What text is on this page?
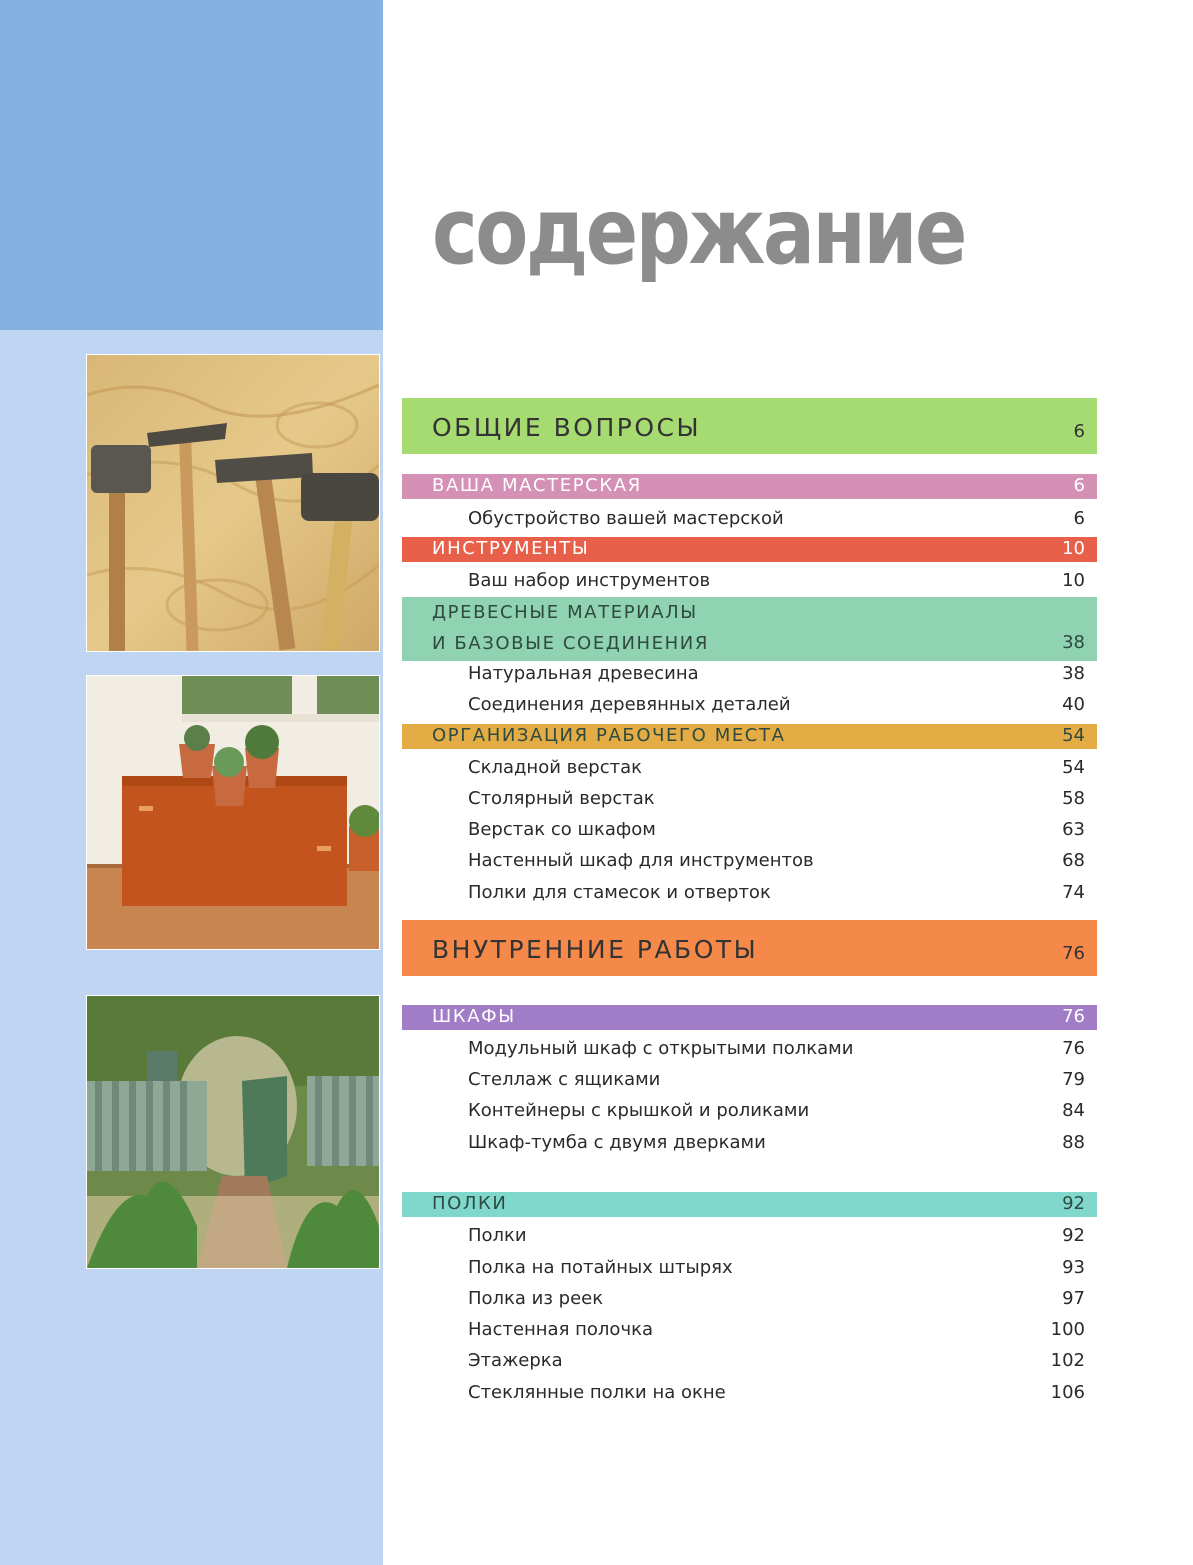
содержание
ОБЩИЕ ВОПРОСЫ	6
ВАША МАСТЕРСКАЯ	6
Обустройство вашей мастерской	6
ИНСТРУМЕНТЫ	10
Ваш набор инструментов	10
ДРЕВЕСНЫЕ МАТЕРИАЛЫ
И БАЗОВЫЕ СОЕДИНЕНИЯ	38
Натуральная древесина	38
Соединения деревянных деталей	40
ОРГАНИЗАЦИЯ РАБОЧЕГО МЕСТА	54
Складной верстак	54
Столярный верстак	58
Верстак со шкафом	63
Настенный шкаф для инструментов	68
Полки для стамесок и отверток	74
ВНУТРЕННИЕ РАБОТЫ	76
ШКАФЫ	76
Модульный шкаф с открытыми полками	76
Стеллаж с ящиками	79
Контейнеры с крышкой и роликами	84
Шкаф-тумба с двумя дверками	88
ПОЛКИ	92
Полки	92
Полка на потайных штырях	93
Полка из реек	97
Настенная полочка	100
Этажерка	102
Стеклянные полки на окне	106
